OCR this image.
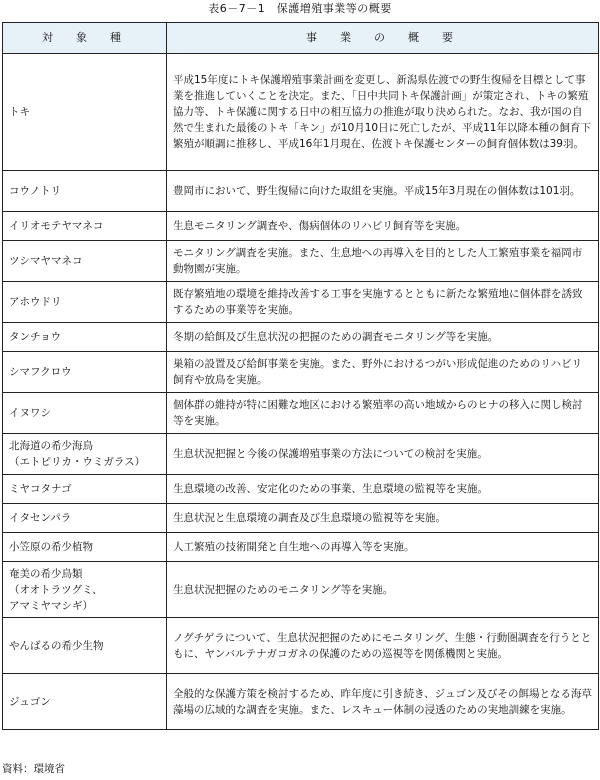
表6－7－1　保護増殖事業等の概要
対　象　種	事　業　の　概　要
トキ	平成15年度にトキ保護増殖事業計画を変更し、新潟県佐渡での野生復帰を目標として事業を推進していくことを決定。また、「日中共同トキ保護計画」が策定され、トキの繁殖協力等、トキ保護に関する日中の相互協力の推進が取り決められた。なお、我が国の自然で生まれた最後のトキ「キン」が10月10日に死亡したが、平成11年以降本種の飼育下繁殖が順調に推移し、平成16年1月現在、佐渡トキ保護センターの飼育個体数は39羽。
コウノトリ	豊岡市において、野生復帰に向けた取組を実施。平成15年3月現在の個体数は101羽。
イリオモテヤマネコ	生息モニタリング調査や、傷病個体のリハビリ飼育等を実施。
ツシマヤマネコ	モニタリング調査を実施。また、生息地への再導入を目的とした人工繁殖事業を福岡市動物園が実施。
アホウドリ	既存繁殖地の環境を維持改善する工事を実施するとともに新たな繁殖地に個体群を誘致するための事業等を実施。
タンチョウ	冬期の給餌及び生息状況の把握のための調査モニタリング等を実施。
シマフクロウ	巣箱の設置及び給餌事業を実施。また、野外におけるつがい形成促進のためのリハビリ飼育や放鳥を実施。
イヌワシ	個体群の維持が特に困難な地区における繁殖率の高い地域からのヒナの移入に関し検討等を実施。
北海道の希少海鳥
（エトピリカ・ウミガラス）	生息状況把握と今後の保護増殖事業の方法についての検討を実施。
ミヤコタナゴ	生息環境の改善、安定化のための事業、生息環境の監視等を実施。
イタセンパラ	生息状況と生息環境の調査及び生息環境の監視等を実施。
小笠原の希少植物	人工繁殖の技術開発と自生地への再導入等を実施。
奄美の希少鳥類
（オオトラツグミ、
アマミヤマシギ）	生息状況把握のためのモニタリング等を実施。
やんばるの希少生物	ノグチゲラについて、生息状況把握のためにモニタリング、生態・行動圏調査を行うとともに、ヤンバルテナガコガネの保護のための巡視等を関係機関と実施。
ジュゴン	全般的な保護方策を検討するため、昨年度に引き続き、ジュゴン及びその餌場となる海草藻場の広域的な調査を実施。また、レスキュー体制の浸透のための実地訓練を実施。
資料：環境省
